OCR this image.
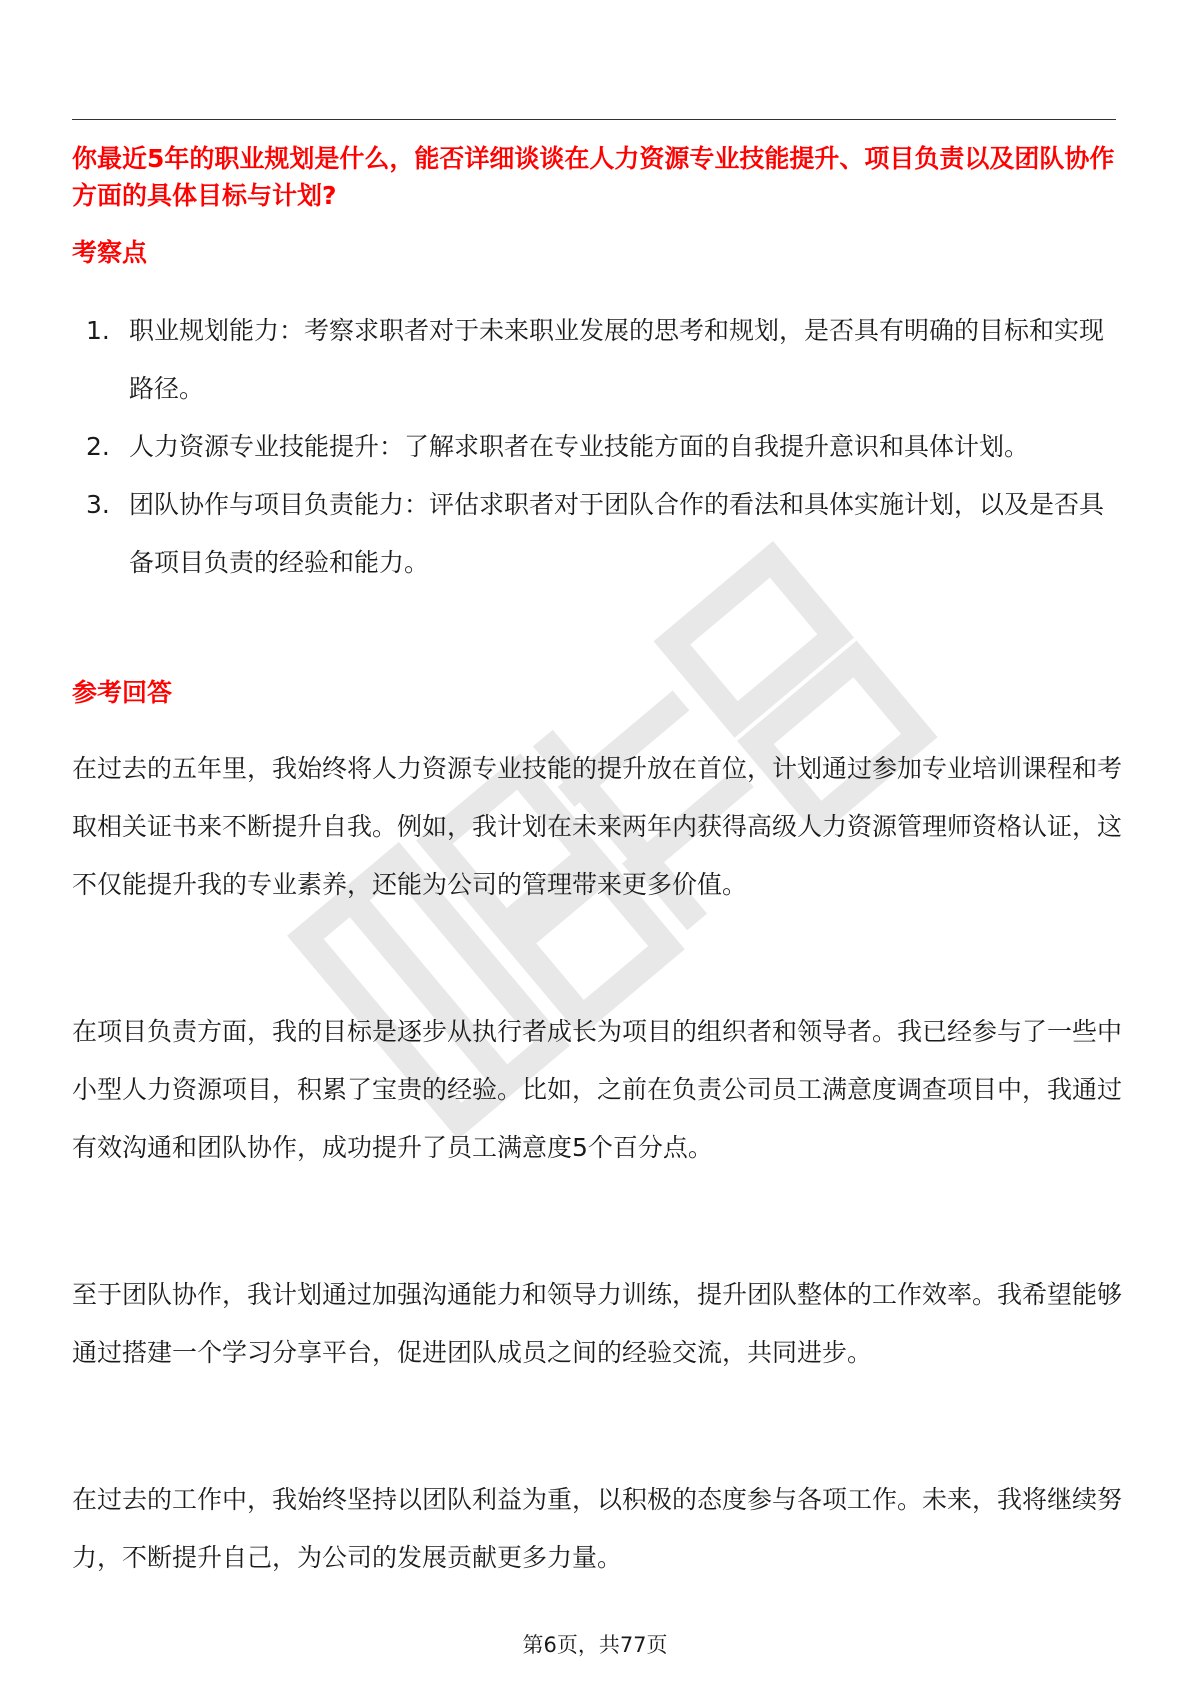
职场资料
你最近5年的职业规划是什么，能否详细谈谈在人力资源专业技能提升、项目负责以及团队协作方面的具体目标与计划?
考察点
1. 职业规划能力：考察求职者对于未来职业发展的思考和规划，是否具有明确的目标和实现路径。
2. 人力资源专业技能提升：了解求职者在专业技能方面的自我提升意识和具体计划。
3. 团队协作与项目负责能力：评估求职者对于团队合作的看法和具体实施计划，以及是否具备项目负责的经验和能力。
参考回答

在过去的五年里，我始终将人力资源专业技能的提升放在首位，计划通过参加专业培训课程和考取相关证书来不断提升自我。例如，我计划在未来两年内获得高级人力资源管理师资格认证，这不仅能提升我的专业素养，还能为公司的管理带来更多价值。

在项目负责方面，我的目标是逐步从执行者成长为项目的组织者和领导者。我已经参与了一些中小型人力资源项目，积累了宝贵的经验。比如，之前在负责公司员工满意度调查项目中，我通过有效沟通和团队协作，成功提升了员工满意度5个百分点。

至于团队协作，我计划通过加强沟通能力和领导力训练，提升团队整体的工作效率。我希望能够通过搭建一个学习分享平台，促进团队成员之间的经验交流，共同进步。

在过去的工作中，我始终坚持以团队利益为重，以积极的态度参与各项工作。未来，我将继续努力，不断提升自己，为公司的发展贡献更多力量。

第6页，共77页
